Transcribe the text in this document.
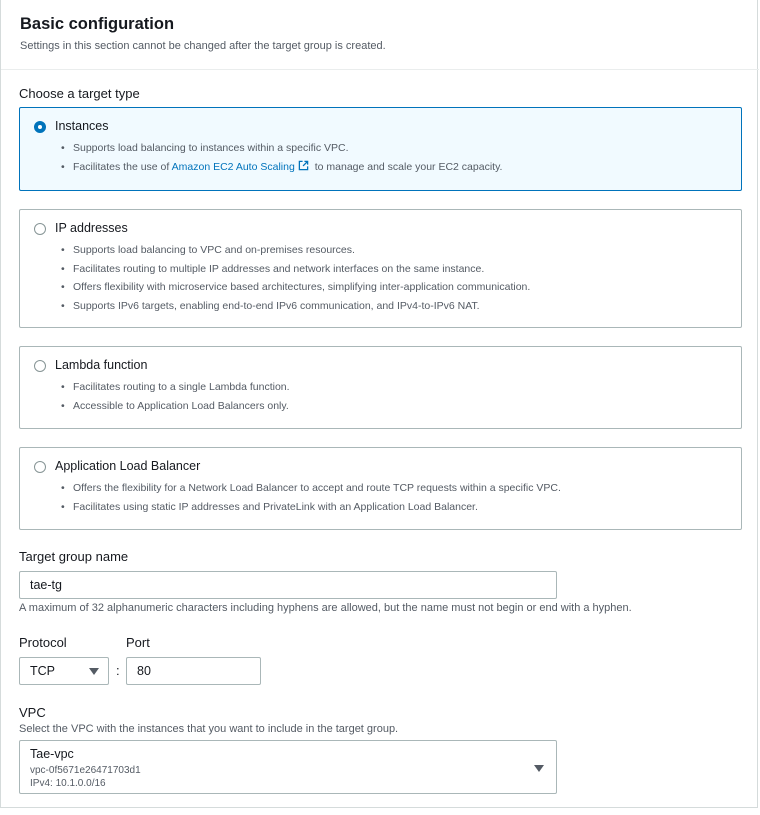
Basic configuration
Settings in this section cannot be changed after the target group is created.
Choose a target type
Instances
• Supports load balancing to instances within a specific VPC.
• Facilitates the use of Amazon EC2 Auto Scaling to manage and scale your EC2 capacity.
IP addresses
• Supports load balancing to VPC and on-premises resources.
• Facilitates routing to multiple IP addresses and network interfaces on the same instance.
• Offers flexibility with microservice based architectures, simplifying inter-application communication.
• Supports IPv6 targets, enabling end-to-end IPv6 communication, and IPv4-to-IPv6 NAT.
Lambda function
• Facilitates routing to a single Lambda function.
• Accessible to Application Load Balancers only.
Application Load Balancer
• Offers the flexibility for a Network Load Balancer to accept and route TCP requests within a specific VPC.
• Facilitates using static IP addresses and PrivateLink with an Application Load Balancer.
Target group name
tae-tg
A maximum of 32 alphanumeric characters including hyphens are allowed, but the name must not begin or end with a hyphen.
Protocol	Port
TCP	:	80
VPC
Select the VPC with the instances that you want to include in the target group.
Tae-vpc
vpc-0f5671e26471703d1
IPv4: 10.1.0.0/16
